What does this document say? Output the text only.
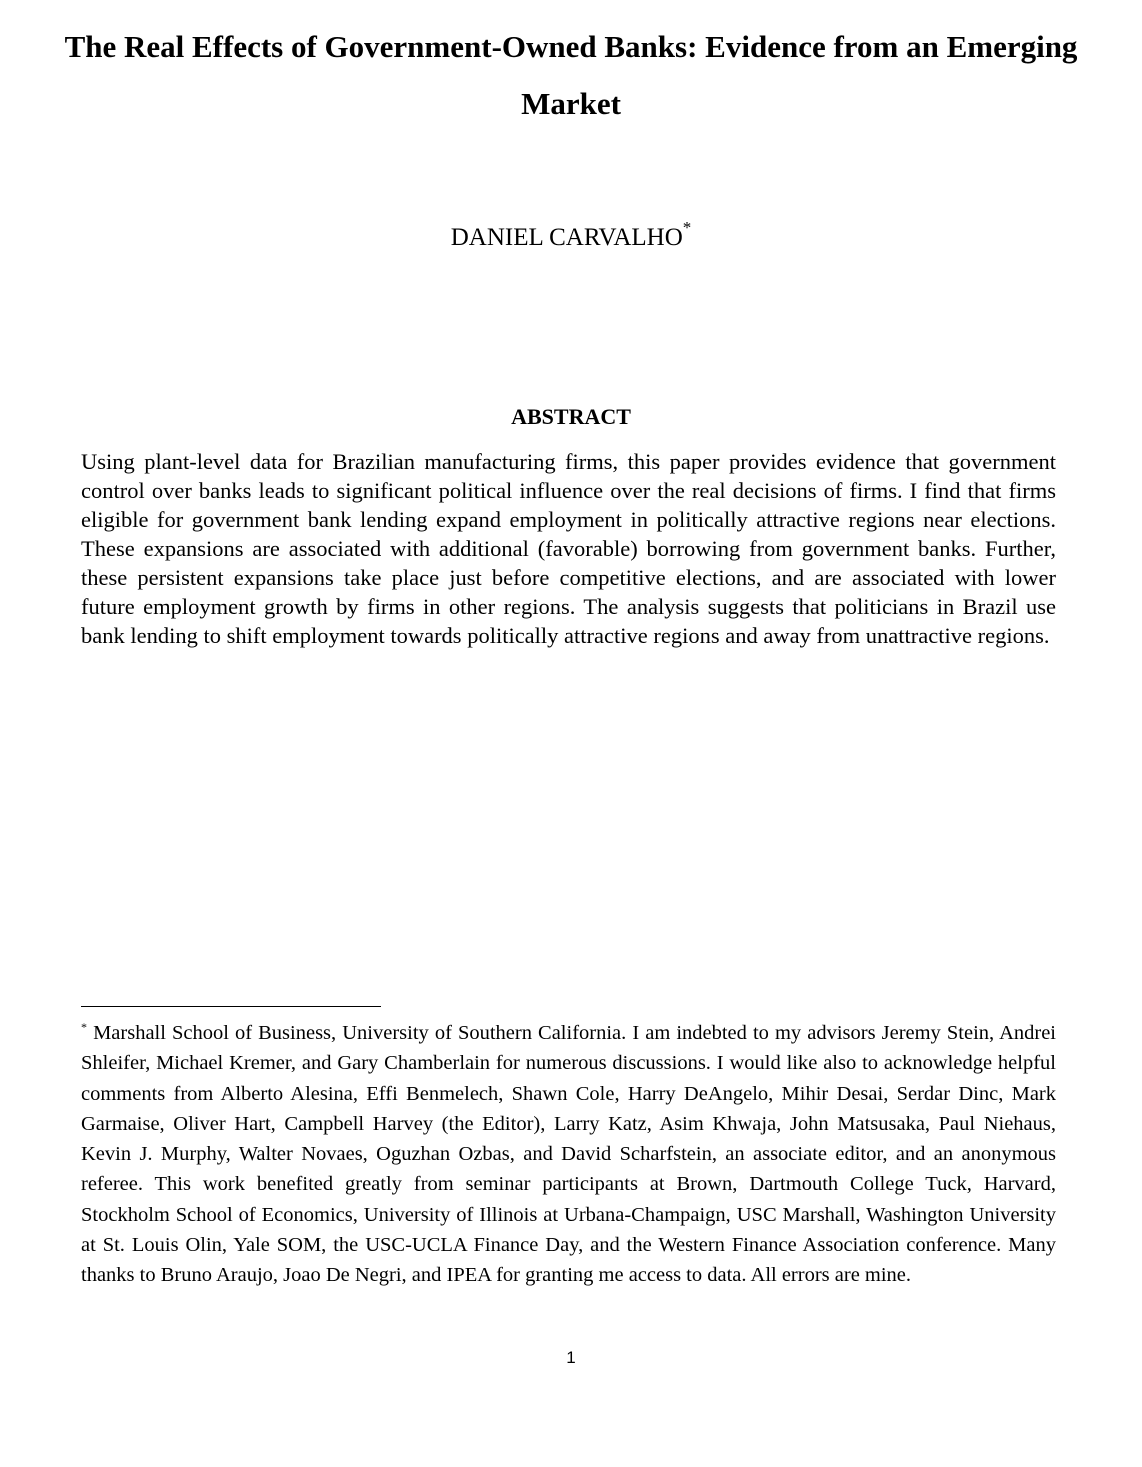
The Real Effects of Government-Owned Banks: Evidence from an Emerging Market

DANIEL CARVALHO*

ABSTRACT

Using plant-level data for Brazilian manufacturing firms, this paper provides evidence that government control over banks leads to significant political influence over the real decisions of firms. I find that firms eligible for government bank lending expand employment in politically attractive regions near elections. These expansions are associated with additional (favorable) borrowing from government banks. Further, these persistent expansions take place just before competitive elections, and are associated with lower future employment growth by firms in other regions. The analysis suggests that politicians in Brazil use bank lending to shift employment towards politically attractive regions and away from unattractive regions.

* Marshall School of Business, University of Southern California. I am indebted to my advisors Jeremy Stein, Andrei Shleifer, Michael Kremer, and Gary Chamberlain for numerous discussions. I would like also to acknowledge helpful comments from Alberto Alesina, Effi Benmelech, Shawn Cole, Harry DeAngelo, Mihir Desai, Serdar Dinc, Mark Garmaise, Oliver Hart, Campbell Harvey (the Editor), Larry Katz, Asim Khwaja, John Matsusaka, Paul Niehaus, Kevin J. Murphy, Walter Novaes, Oguzhan Ozbas, and David Scharfstein, an associate editor, and an anonymous referee. This work benefited greatly from seminar participants at Brown, Dartmouth College Tuck, Harvard, Stockholm School of Economics, University of Illinois at Urbana-Champaign, USC Marshall, Washington University at St. Louis Olin, Yale SOM, the USC-UCLA Finance Day, and the Western Finance Association conference. Many thanks to Bruno Araujo, Joao De Negri, and IPEA for granting me access to data. All errors are mine.

1
